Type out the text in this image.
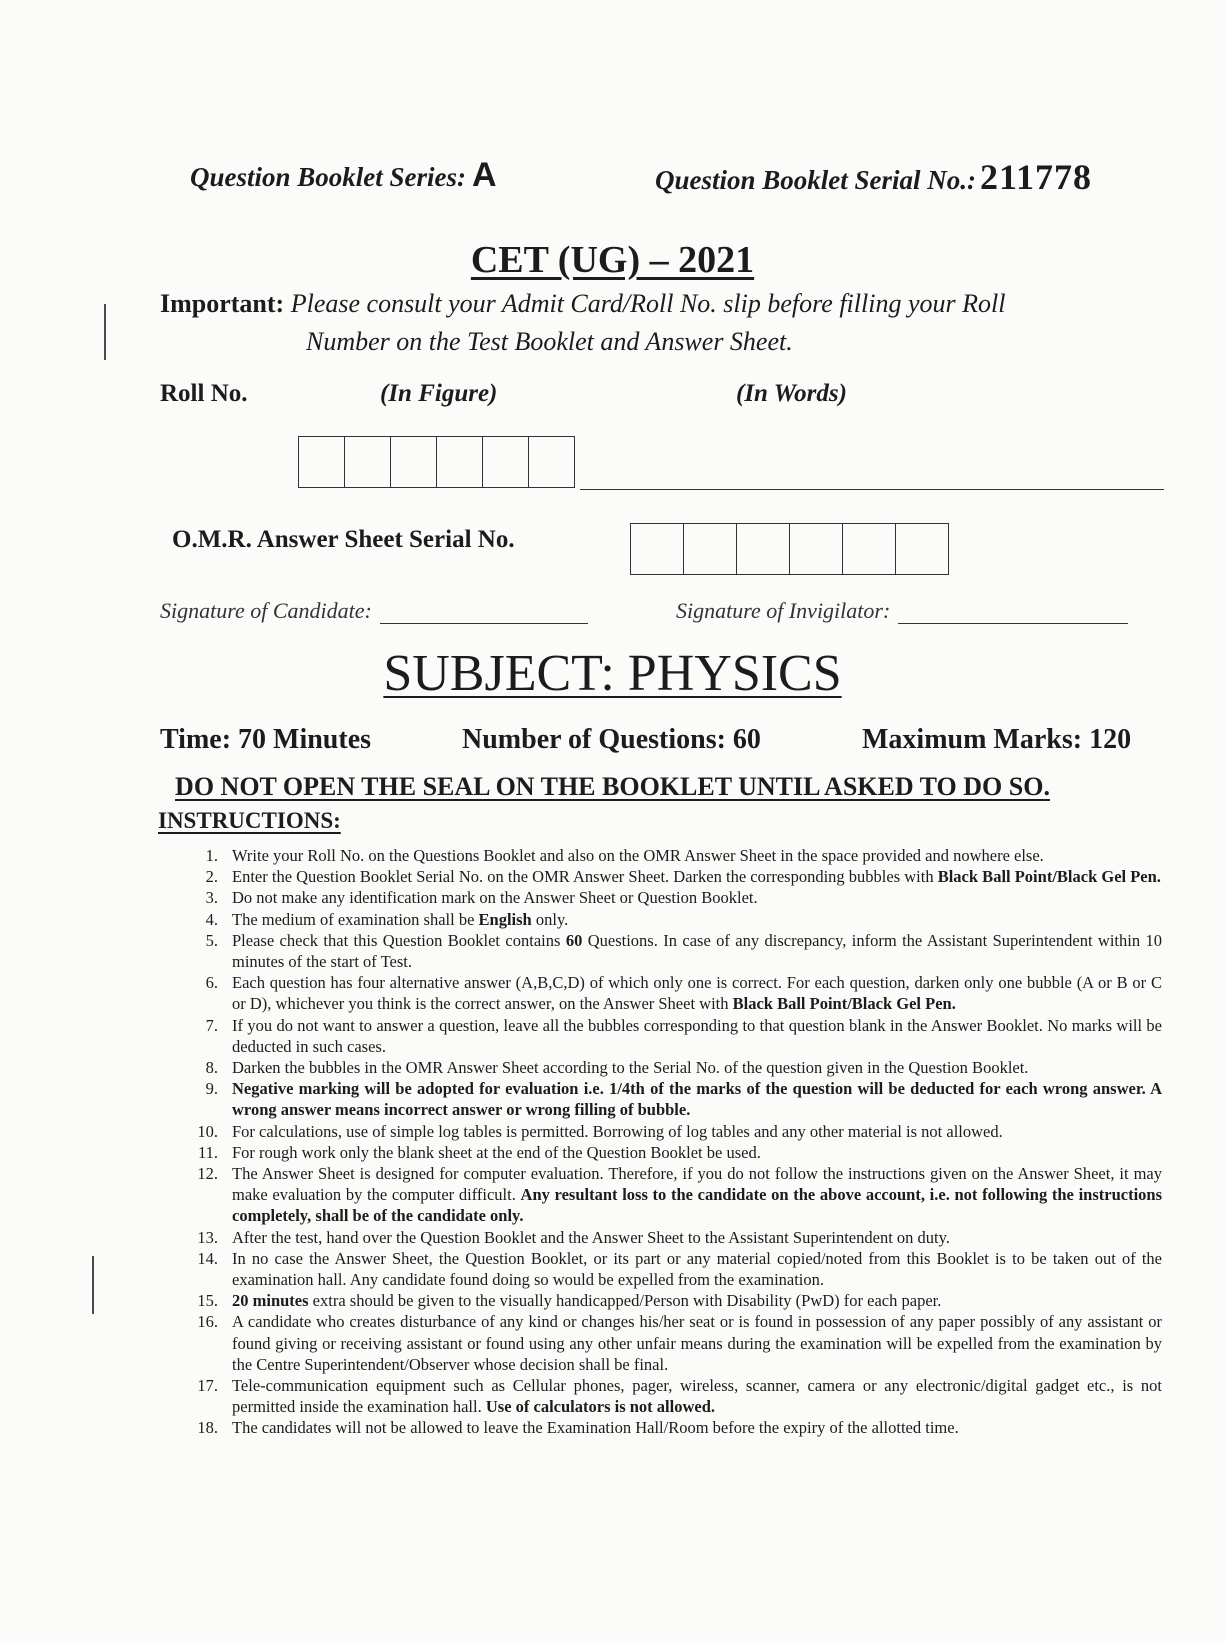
Question Booklet Series: A	Question Booklet Serial No.: 211778
CET (UG) – 2021
Important: Please consult your Admit Card/Roll No. slip before filling your Roll
Number on the Test Booklet and Answer Sheet.
Roll No.	(In Figure)	(In Words)
O.M.R. Answer Sheet Serial No.
Signature of Candidate:	Signature of Invigilator:
SUBJECT: PHYSICS
Time: 70 Minutes	Number of Questions: 60	Maximum Marks: 120
DO NOT OPEN THE SEAL ON THE BOOKLET UNTIL ASKED TO DO SO.
INSTRUCTIONS:
1. Write your Roll No. on the Questions Booklet and also on the OMR Answer Sheet in the space provided and nowhere else.
2. Enter the Question Booklet Serial No. on the OMR Answer Sheet. Darken the corresponding bubbles with Black Ball Point/Black Gel Pen.
3. Do not make any identification mark on the Answer Sheet or Question Booklet.
4. The medium of examination shall be English only.
5. Please check that this Question Booklet contains 60 Questions. In case of any discrepancy, inform the Assistant Superintendent within 10 minutes of the start of Test.
6. Each question has four alternative answer (A,B,C,D) of which only one is correct. For each question, darken only one bubble (A or B or C or D), whichever you think is the correct answer, on the Answer Sheet with Black Ball Point/Black Gel Pen.
7. If you do not want to answer a question, leave all the bubbles corresponding to that question blank in the Answer Booklet. No marks will be deducted in such cases.
8. Darken the bubbles in the OMR Answer Sheet according to the Serial No. of the question given in the Question Booklet.
9. Negative marking will be adopted for evaluation i.e. 1/4th of the marks of the question will be deducted for each wrong answer. A wrong answer means incorrect answer or wrong filling of bubble.
10. For calculations, use of simple log tables is permitted. Borrowing of log tables and any other material is not allowed.
11. For rough work only the blank sheet at the end of the Question Booklet be used.
12. The Answer Sheet is designed for computer evaluation. Therefore, if you do not follow the instructions given on the Answer Sheet, it may make evaluation by the computer difficult. Any resultant loss to the candidate on the above account, i.e. not following the instructions completely, shall be of the candidate only.
13. After the test, hand over the Question Booklet and the Answer Sheet to the Assistant Superintendent on duty.
14. In no case the Answer Sheet, the Question Booklet, or its part or any material copied/noted from this Booklet is to be taken out of the examination hall. Any candidate found doing so would be expelled from the examination.
15. 20 minutes extra should be given to the visually handicapped/Person with Disability (PwD) for each paper.
16. A candidate who creates disturbance of any kind or changes his/her seat or is found in possession of any paper possibly of any assistant or found giving or receiving assistant or found using any other unfair means during the examination will be expelled from the examination by the Centre Superintendent/Observer whose decision shall be final.
17. Tele-communication equipment such as Cellular phones, pager, wireless, scanner, camera or any electronic/digital gadget etc., is not permitted inside the examination hall. Use of calculators is not allowed.
18. The candidates will not be allowed to leave the Examination Hall/Room before the expiry of the allotted time.
